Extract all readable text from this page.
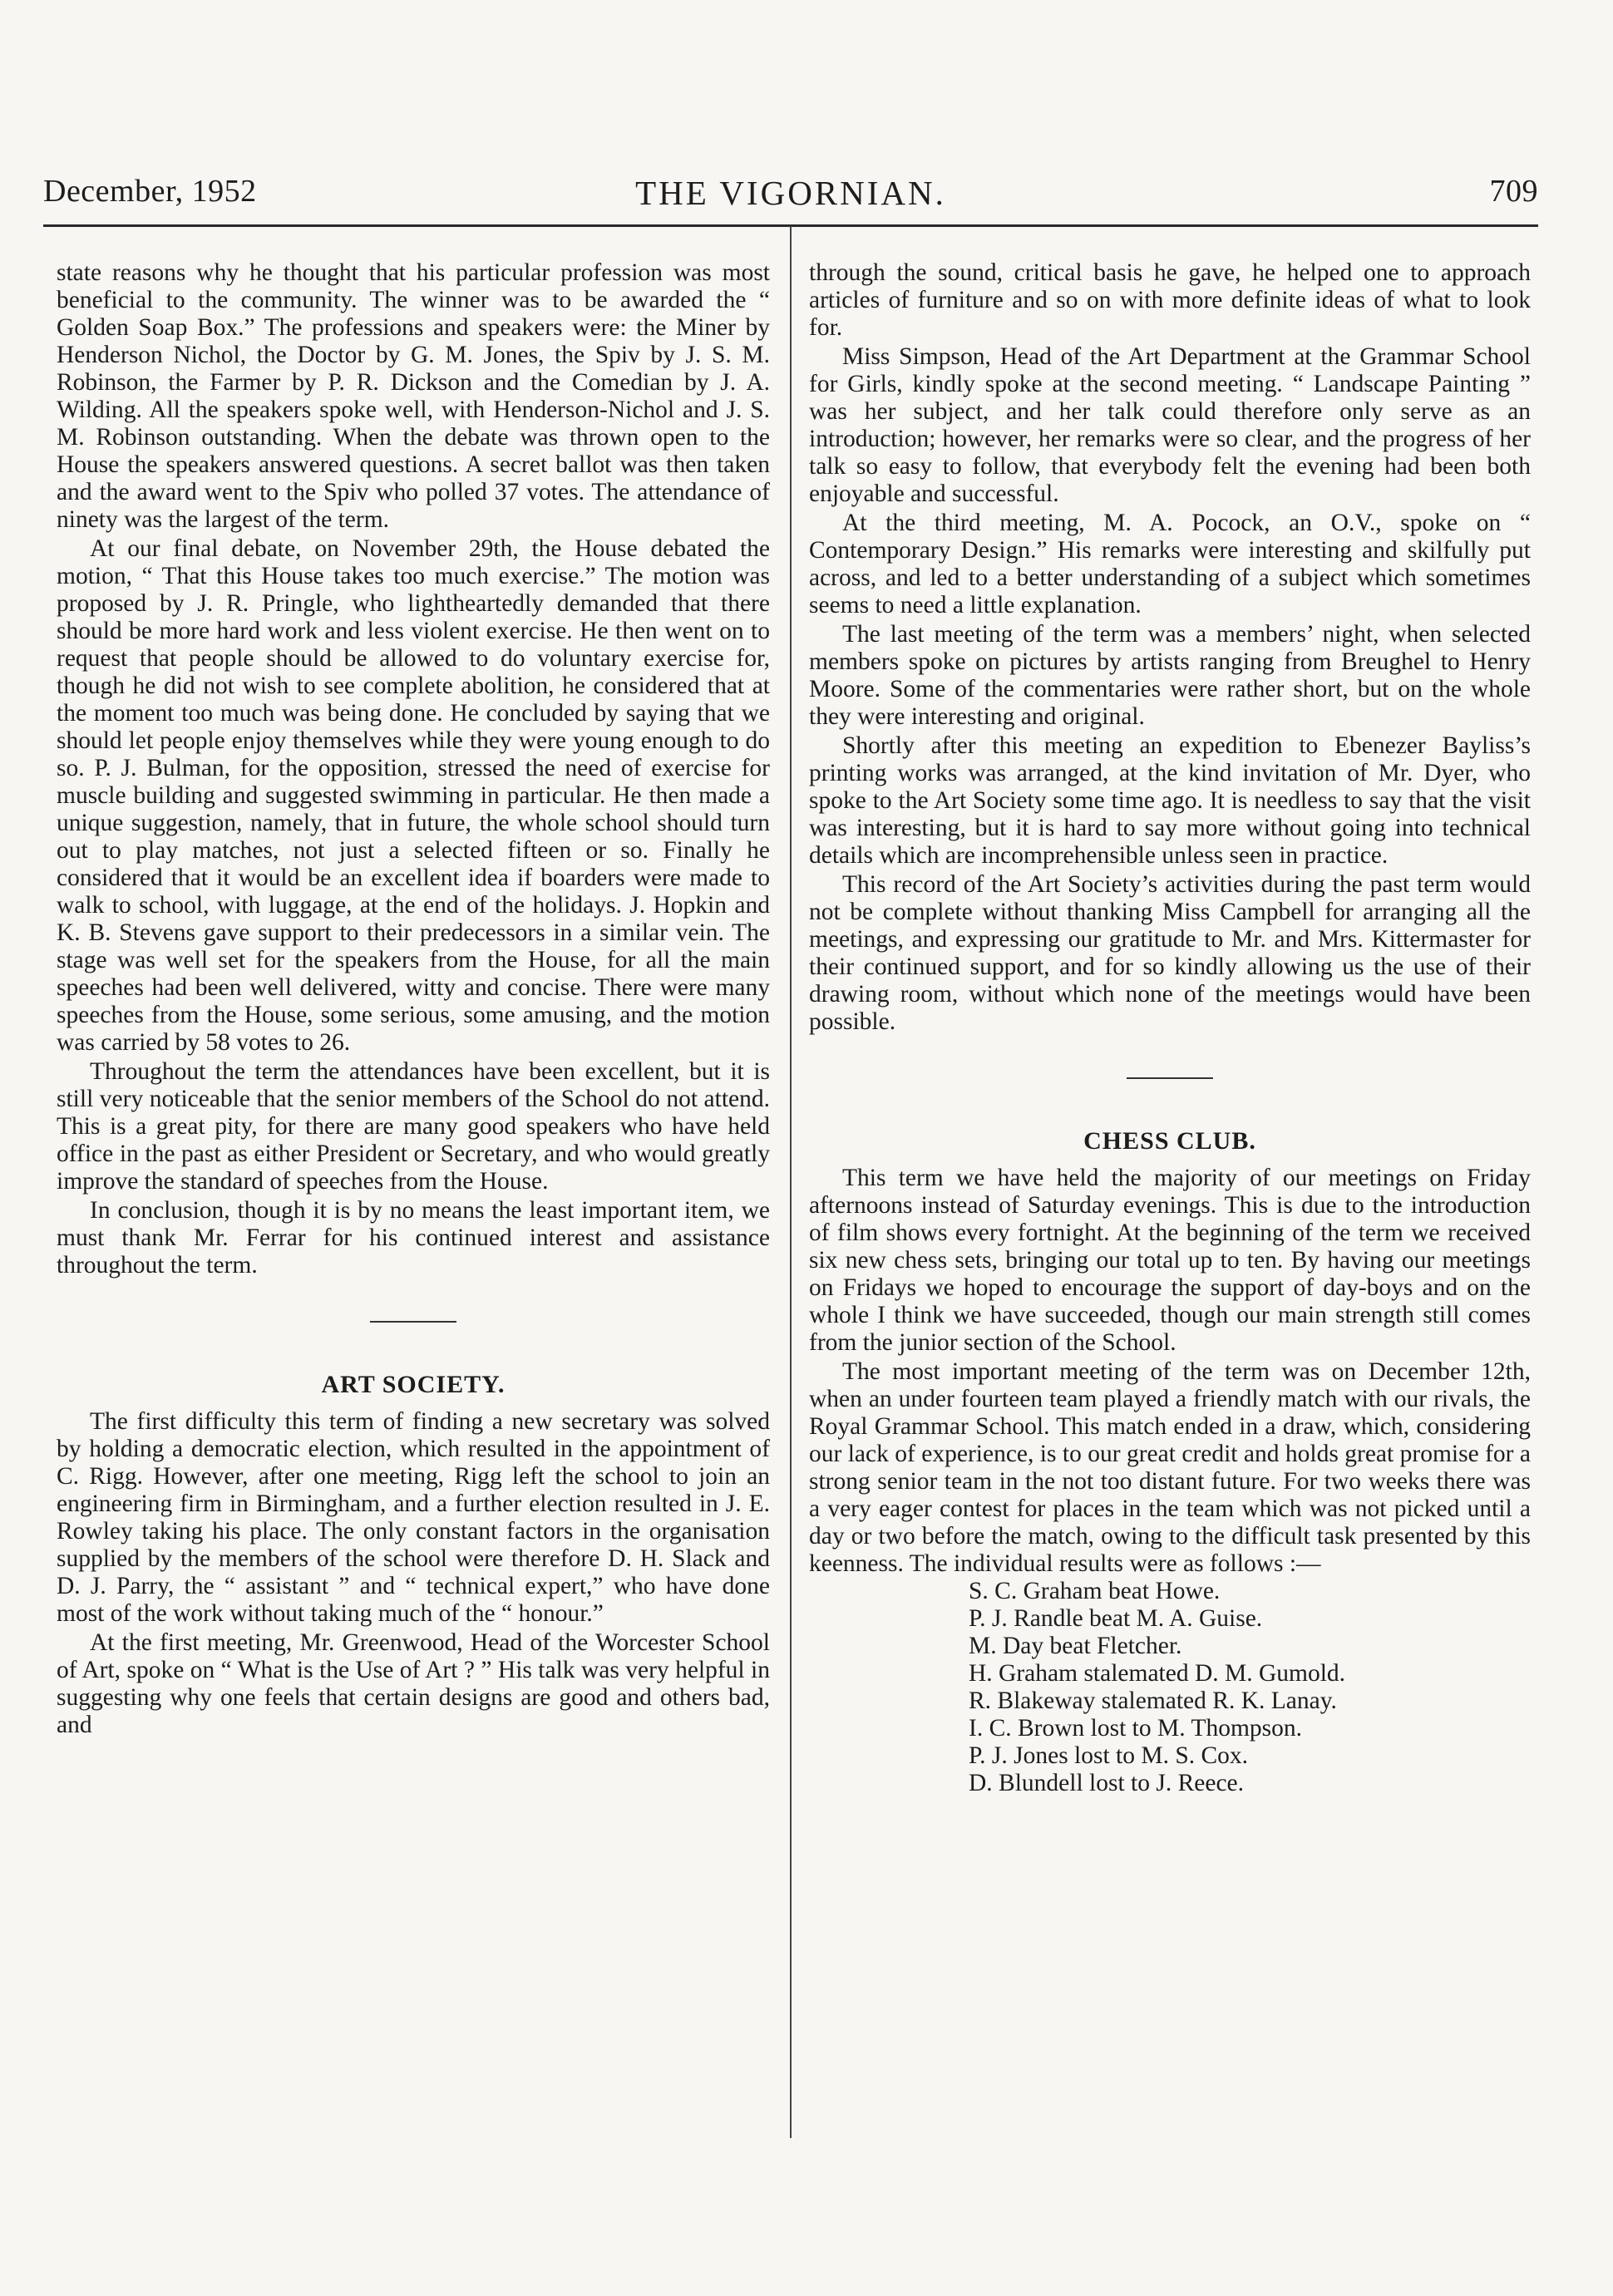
December, 1952	THE VIGORNIAN.	709

state reasons why he thought that his particular profession was most beneficial to the community. The winner was to be awarded the “ Golden Soap Box.” The professions and speakers were: the Miner by Henderson Nichol, the Doctor by G. M. Jones, the Spiv by J. S. M. Robinson, the Farmer by P. R. Dickson and the Comedian by J. A. Wilding. All the speakers spoke well, with Henderson-Nichol and J. S. M. Robinson outstanding. When the debate was thrown open to the House the speakers answered questions. A secret ballot was then taken and the award went to the Spiv who polled 37 votes. The attendance of ninety was the largest of the term.

At our final debate, on November 29th, the House debated the motion, “ That this House takes too much exercise.” The motion was proposed by J. R. Pringle, who lightheartedly demanded that there should be more hard work and less violent exercise. He then went on to request that people should be allowed to do voluntary exercise for, though he did not wish to see complete abolition, he considered that at the moment too much was being done. He concluded by saying that we should let people enjoy themselves while they were young enough to do so. P. J. Bulman, for the opposition, stressed the need of exercise for muscle building and suggested swimming in particular. He then made a unique suggestion, namely, that in future, the whole school should turn out to play matches, not just a selected fifteen or so. Finally he considered that it would be an excellent idea if boarders were made to walk to school, with luggage, at the end of the holidays. J. Hopkin and K. B. Stevens gave support to their predecessors in a similar vein. The stage was well set for the speakers from the House, for all the main speeches had been well delivered, witty and concise. There were many speeches from the House, some serious, some amusing, and the motion was carried by 58 votes to 26.

Throughout the term the attendances have been excellent, but it is still very noticeable that the senior members of the School do not attend. This is a great pity, for there are many good speakers who have held office in the past as either President or Secretary, and who would greatly improve the standard of speeches from the House.

In conclusion, though it is by no means the least important item, we must thank Mr. Ferrar for his continued interest and assistance throughout the term.

ART SOCIETY.

The first difficulty this term of finding a new secretary was solved by holding a democratic election, which resulted in the appointment of C. Rigg. However, after one meeting, Rigg left the school to join an engineering firm in Birmingham, and a further election resulted in J. E. Rowley taking his place. The only constant factors in the organisation supplied by the members of the school were therefore D. H. Slack and D. J. Parry, the “ assistant ” and “ technical expert,” who have done most of the work without taking much of the “ honour.”

At the first meeting, Mr. Greenwood, Head of the Worcester School of Art, spoke on “ What is the Use of Art ? ” His talk was very helpful in suggesting why one feels that certain designs are good and others bad, and

through the sound, critical basis he gave, he helped one to approach articles of furniture and so on with more definite ideas of what to look for.

Miss Simpson, Head of the Art Department at the Grammar School for Girls, kindly spoke at the second meeting. “ Landscape Painting ” was her subject, and her talk could therefore only serve as an introduction; however, her remarks were so clear, and the progress of her talk so easy to follow, that everybody felt the evening had been both enjoyable and successful.

At the third meeting, M. A. Pocock, an O.V., spoke on “ Contemporary Design.” His remarks were interesting and skilfully put across, and led to a better understanding of a subject which sometimes seems to need a little explanation.

The last meeting of the term was a members’ night, when selected members spoke on pictures by artists ranging from Breughel to Henry Moore. Some of the commentaries were rather short, but on the whole they were interesting and original.

Shortly after this meeting an expedition to Ebenezer Bayliss’s printing works was arranged, at the kind invitation of Mr. Dyer, who spoke to the Art Society some time ago. It is needless to say that the visit was interesting, but it is hard to say more without going into technical details which are incomprehensible unless seen in practice.

This record of the Art Society’s activities during the past term would not be complete without thanking Miss Campbell for arranging all the meetings, and expressing our gratitude to Mr. and Mrs. Kittermaster for their continued support, and for so kindly allowing us the use of their drawing room, without which none of the meetings would have been possible.

CHESS CLUB.

This term we have held the majority of our meetings on Friday afternoons instead of Saturday evenings. This is due to the introduction of film shows every fortnight. At the beginning of the term we received six new chess sets, bringing our total up to ten. By having our meetings on Fridays we hoped to encourage the support of day-boys and on the whole I think we have succeeded, though our main strength still comes from the junior section of the School.

The most important meeting of the term was on December 12th, when an under fourteen team played a friendly match with our rivals, the Royal Grammar School. This match ended in a draw, which, considering our lack of experience, is to our great credit and holds great promise for a strong senior team in the not too distant future. For two weeks there was a very eager contest for places in the team which was not picked until a day or two before the match, owing to the difficult task presented by this keenness. The individual results were as follows :—

S. C. Graham beat Howe.
P. J. Randle beat M. A. Guise.
M. Day beat Fletcher.
H. Graham stalemated D. M. Gumold.
R. Blakeway stalemated R. K. Lanay.
I. C. Brown lost to M. Thompson.
P. J. Jones lost to M. S. Cox.
D. Blundell lost to J. Reece.
